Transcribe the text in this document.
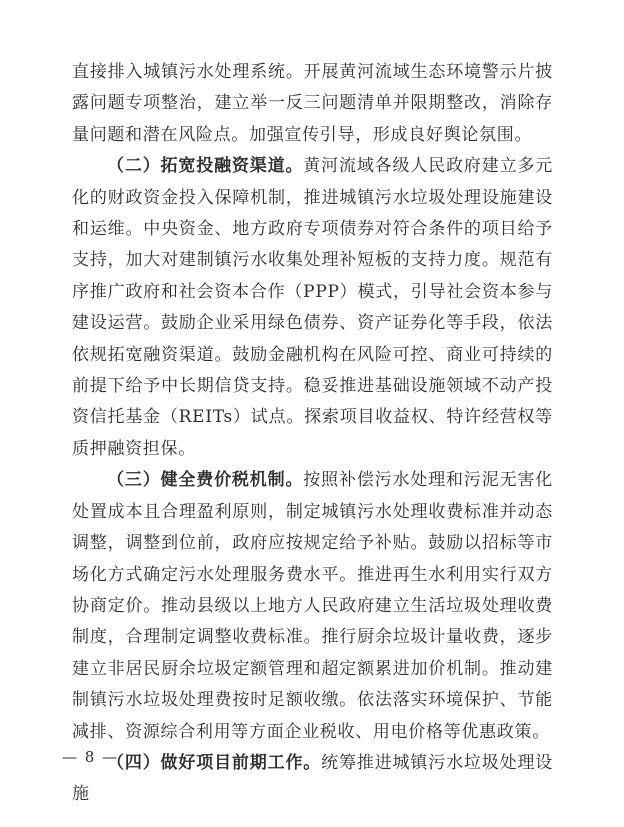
直接排入城镇污水处理系统。开展黄河流域生态环境警示片披露问题专项整治，建立举一反三问题清单并限期整改，消除存量问题和潜在风险点。加强宣传引导，形成良好舆论氛围。

（二）拓宽投融资渠道。黄河流域各级人民政府建立多元化的财政资金投入保障机制，推进城镇污水垃圾处理设施建设和运维。中央资金、地方政府专项债券对符合条件的项目给予支持，加大对建制镇污水收集处理补短板的支持力度。规范有序推广政府和社会资本合作（PPP）模式，引导社会资本参与建设运营。鼓励企业采用绿色债券、资产证券化等手段，依法依规拓宽融资渠道。鼓励金融机构在风险可控、商业可持续的前提下给予中长期信贷支持。稳妥推进基础设施领域不动产投资信托基金（REITs）试点。探索项目收益权、特许经营权等质押融资担保。

（三）健全费价税机制。按照补偿污水处理和污泥无害化处置成本且合理盈利原则，制定城镇污水处理收费标准并动态调整，调整到位前，政府应按规定给予补贴。鼓励以招标等市场化方式确定污水处理服务费水平。推进再生水利用实行双方协商定价。推动县级以上地方人民政府建立生活垃圾处理收费制度，合理制定调整收费标准。推行厨余垃圾计量收费，逐步建立非居民厨余垃圾定额管理和超定额累进加价机制。推动建制镇污水垃圾处理费按时足额收缴。依法落实环境保护、节能减排、资源综合利用等方面企业税收、用电价格等优惠政策。

（四）做好项目前期工作。统筹推进城镇污水垃圾处理设施

— 8 —
